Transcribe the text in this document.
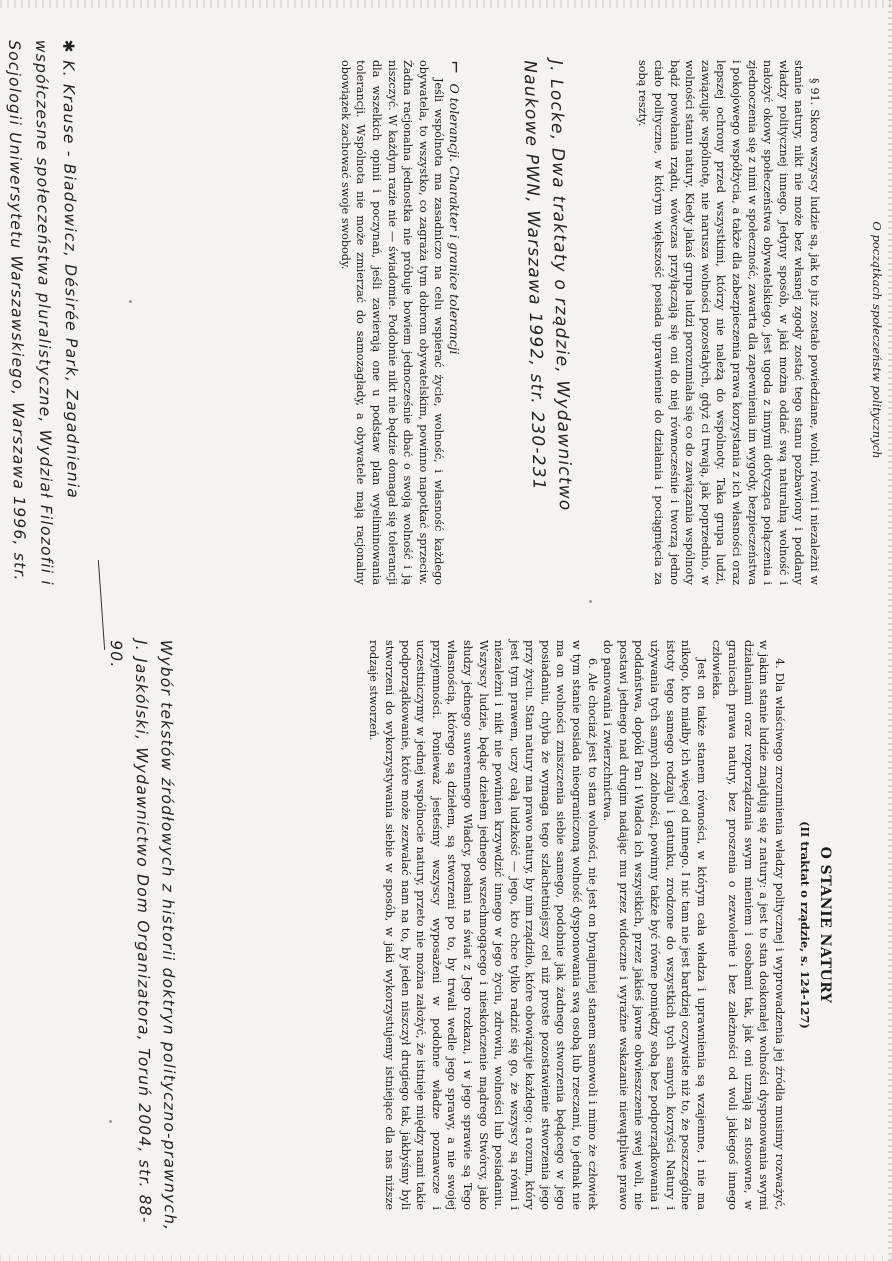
O początkach społeczeństw politycznych

§ 91. Skoro wszyscy ludzie są, jak to już zostało powiedziane, wolni, równi i niezależni w stanie natury, nikt nie może bez własnej zgody zostać tego stanu pozbawiony i poddany władzy politycznej innego. Jedyny sposób, w jaki można oddać swą naturalną wolność i nałożyć okowy społeczeństwa obywatelskiego, jest ugoda z innymi dotycząca połączenia i zjednoczenia się z nimi w społeczność, zawarta dla zapewnienia im wygody, bezpieczeństwa i pokojowego współżycia, a także dla zabezpieczenia prawa korzystania z ich własności oraz lepszej ochrony przed wszystkimi, którzy nie należą do wspólnoty. Taka grupa ludzi, zawiązując wspólnotę, nie narusza wolności pozostałych, gdyż ci trwają, jak poprzednio, w wolności stanu natury. Kiedy jakaś grupa ludzi porozumiała się co do zawiązania wspólnoty bądź powołania rządu, wówczas przyłączają się oni do niej równocześnie i tworzą jedno ciało polityczne, w którym większość posiada uprawnienie do działania i pociągnięcia za sobą reszty.

J. Locke, Dwa traktaty o rządzie, Wydawnictwo Naukowe PWN, Warszawa 1992, str. 230-231

⌐ O tolerancji. Charakter i granice tolerancji

Jeśli wspólnota ma zasadniczo na celu wspierać życie, wolność, i własność każdego obywatela, to wszystko, co zagraża tym dobrom obywatelskim, powinno napotkać sprzeciw. Żadna racjonalna jednostka nie próbuje bowiem jednocześnie dbać o swoją wolność i ją niszczyć. W każdym razie nie — świadomie. Podobnie nikt nie będzie domagał się tolerancji dla wszelkich opinii i poczynań, jeśli zawierają one u podstaw plan wyeliminowania tolerancji. Wspólnota nie może zmierzać do samozagłady, a obywatele mają racjonalny obowiązek zachować swoje swobody.

✱ K. Krause - Biadowicz, Désirée Park, Zagadnienia współczesne społeczeństwa pluralistyczne, Wydział Filozofii i Socjologii Uniwersytetu Warszawskiego, Warszawa 1996, str.
O STANIE NATURY
(II traktat o rządzie, s. 124-127)

4. Dla właściwego zrozumienia władzy politycznej i wyprowadzenia jej źródła musimy rozważyć, w jakim stanie ludzie znajdują się z natury: a jest to stan doskonałej wolności dysponowania swymi działaniami oraz rozporządzania swym mieniem i osobami tak, jak oni uznają za stosowne, w granicach prawa natury, bez proszenia o zezwolenie i bez zależności od woli jakiegoś innego człowieka.

Jest on także stanem równości, w którym cała władza i uprawnienia są wzajemne, i nie ma nikogo, kto miałby ich więcej od innego. I nic tam nie jest bardziej oczywiste niż to, że poszczególne istoty tego samego rodzaju i gatunku, zrodzone do wszystkich tych samych korzyści Natury i używania tych samych zdolności, powinny także być równe pomiędzy sobą bez podporządkowania i poddaństwa, dopóki Pan i Władca ich wszystkich, przez jakieś jawne obwieszczenie swej woli, nie postawi jednego nad drugim nadając mu przez widoczne i wyraźne wskazanie niewątpliwe prawo do panowania i zwierzchnictwa.

6. Ale chociaż jest to stan wolności, nie jest on bynajmniej stanem samowoli i mimo że człowiek w tym stanie posiada nieograniczoną wolność dysponowania swą osobą lub rzeczami, to jednak nie ma on wolności zniszczenia siebie samego, podobnie jak żadnego stworzenia będącego w jego posiadaniu, chyba że wymaga tego szlachetniejszy cel niż proste pozostawienie stworzenia jego przy życiu. Stan natury ma prawo natury, by nim rządziło, które obowiązuje każdego; a rozum, który jest tym prawem, uczy całą ludzkość — jego, kto chce tylko radzić się go, że wszyscy są równi i niezależni i nikt nie powinien krzywdzić innego w jego życiu, zdrowiu, wolności lub posiadaniu. Wszyscy ludzie, będąc dziełem jednego wszechmogącego i nieskończenie mądrego Stwórcy, jako słudzy jednego suwerennego Władcy, posłani na świat z Jego rozkazu, i w jego sprawie są Tego własnością, którego są dziełem, są stworzeni po to, by trwali wedle jego sprawy, a nie swojej przyjemności. Ponieważ jesteśmy wszyscy wyposażeni w podobne władze poznawcze i uczestniczymy w jednej wspólnocie natury, przeto nie można założyć, że istnieje między nami takie podporządkowanie, które może zezwalać nam na to, by jeden niszczył drugiego tak, jakbyśmy byli stworzeni do wykorzystywania siebie w sposób, w jaki wykorzystujemy istniejące dla nas niższe rodzaje stworzeń.

Wybór tekstów źródłowych z historii doktryn polityczno-prawnych, J. Jaskólski, Wydawnictwo Dom Organizatora, Toruń 2004, str. 88-90.
